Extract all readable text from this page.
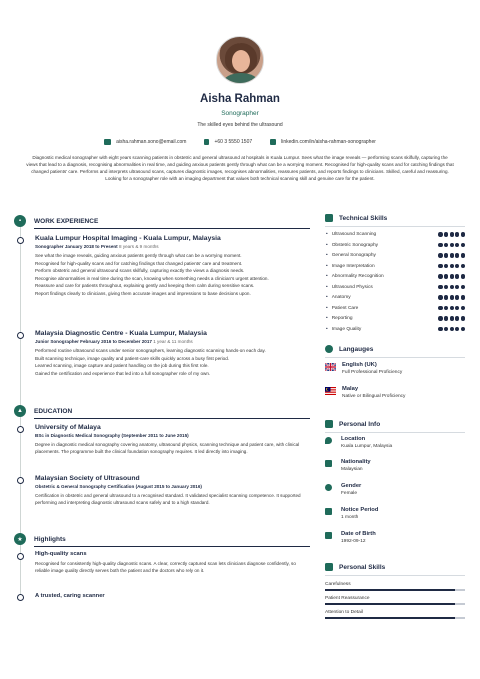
Aisha Rahman
Sonographer
The skilled eyes behind the ultrasound
aisha.rahman.sono@email.com	+60 3 5550 1507	linkedin.com/in/aisha-rahman-sonographer
Diagnostic medical sonographer with eight years scanning patients in obstetric and general ultrasound at hospitals in Kuala Lumpur. Sees what the image reveals — performing scans skilfully, capturing the views that lead to a diagnosis, recognising abnormalities in real time, and guiding anxious patients gently through what can be a worrying moment. Recognised for high-quality scans and for catching findings that changed patients' care. Performs and interprets ultrasound scans, captures diagnostic images, recognises abnormalities, reassures patients, and reports findings to clinicians. Skilled, careful and reassuring. Looking for a sonographer role with an imaging department that values both technical scanning skill and genuine care for the patient.
▪	WORK EXPERIENCE
Kuala Lumpur Hospital Imaging - Kuala Lumpur, Malaysia
Sonographer January 2018 to Present 8 years & 9 months

See what the image reveals, guiding anxious patients gently through what can be a worrying moment.

Recognised for high-quality scans and for catching findings that changed patients' care and treatment.

Perform obstetric and general ultrasound scans skilfully, capturing exactly the views a diagnosis needs.

Recognise abnormalities in real time during the scan, knowing when something needs a clinician's urgent attention.

Reassure and care for patients throughout, explaining gently and keeping them calm during sensitive scans.

Report findings clearly to clinicians, giving them accurate images and impressions to base decisions upon.

Malaysia Diagnostic Centre - Kuala Lumpur, Malaysia
Junior Sonographer February 2016 to December 2017 1 year & 11 months

Performed routine ultrasound scans under senior sonographers, learning diagnostic scanning hands-on each day.

Built scanning technique, image quality and patient-care skills quickly across a busy first period.

Learned scanning, image capture and patient handling on the job during this first role.

Gained the certification and experience that led into a full sonographer role of my own.

▲	EDUCATION
University of Malaya
BSc in Diagnostic Medical Sonography (September 2011 to June 2015)
Degree in diagnostic medical sonography covering anatomy, ultrasound physics, scanning technique and patient care, with clinical placements. The programme built the clinical foundation sonography requires. It led directly into imaging.
Malaysian Society of Ultrasound
Obstetric & General Sonography Certification (August 2015 to January 2016)
Certification in obstetric and general ultrasound to a recognised standard. It validated specialist scanning competence. It supported performing and interpreting diagnostic ultrasound scans safely and to a high standard.
★	Highlights
High-quality scans
Recognised for consistently high-quality diagnostic scans. A clear, correctly captured scan lets clinicians diagnose confidently, so reliable image quality directly serves both the patient and the doctors who rely on it.
A trusted, caring scanner
Technical Skills
• Ultrasound Scanning
• Obstetric Sonography
• General Sonography
• Image Interpretation
• Abnormality Recognition
• Ultrasound Physics
• Anatomy
• Patient Care
• Reporting
• Image Quality
Langauges
English (UK)
Full Professional Proficiency
Malay
Native or Bilingual Proficiency
Personal Info
Location
Kuala Lumpur, Malaysia
Nationality
Malaysian
Gender
Female
Notice Period
1 month
Date of Birth
1992-09-12
Personal Skills
Carefulness
Patient Reassurance
Attention to Detail
